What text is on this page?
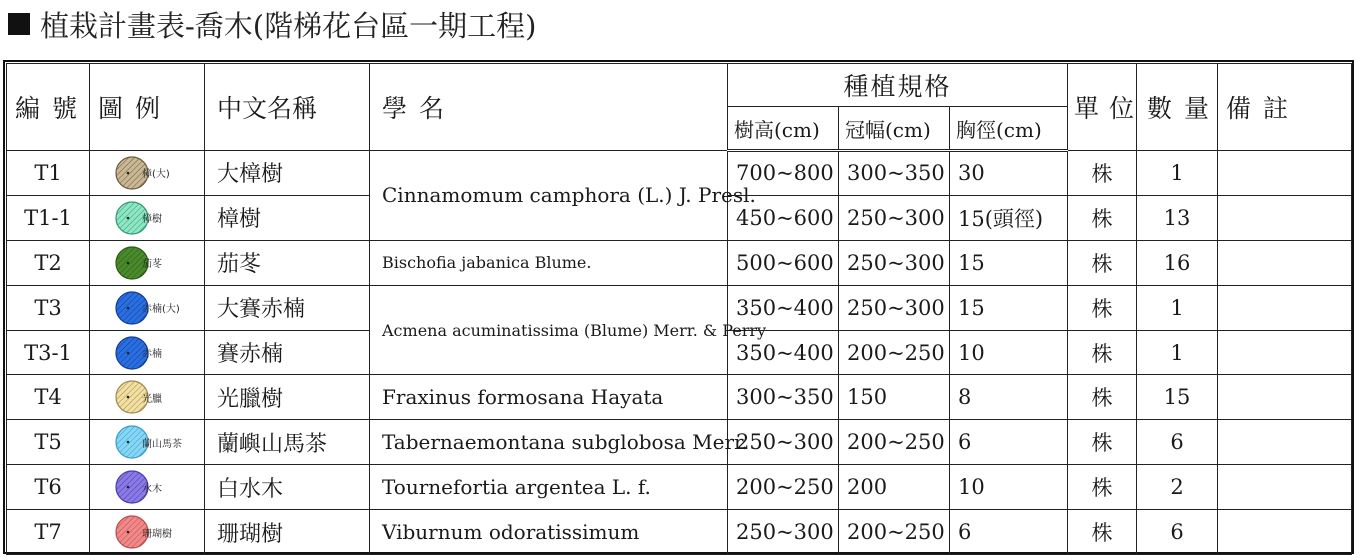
植栽計畫表-喬木(階梯花台區一期工程)
編 號	圖 例	中文名稱	學 名	種植規格			單 位	數 量	備 註
				樹高(cm)	冠幅(cm)	胸徑(cm)			
T1	樟(大)	大樟樹	Cinnamomum camphora (L.) J. Presl.	700~800	300~350	30	株	1	
T1-1	樟樹	樟樹		450~600	250~300	15(頭徑)	株	13	
T2	茄苳	茄苳	Bischofia jabanica Blume.	500~600	250~300	15	株	16	
T3	赤楠(大)	大賽赤楠	Acmena acuminatissima (Blume) Merr. & Perry	350~400	250~300	15	株	1	
T3-1	赤楠	賽赤楠		350~400	200~250	10	株	1	
T4	光臘	光臘樹	Fraxinus formosana Hayata	300~350	150	8	株	15	
T5	蘭山馬茶	蘭嶼山馬茶	Tabernaemontana subglobosa Merr.	250~300	200~250	6	株	6	
T6	水木	白水木	Tournefortia argentea L. f.	200~250	200	10	株	2	
T7	珊瑚樹	珊瑚樹	Viburnum odoratissimum	250~300	200~250	6	株	6	
